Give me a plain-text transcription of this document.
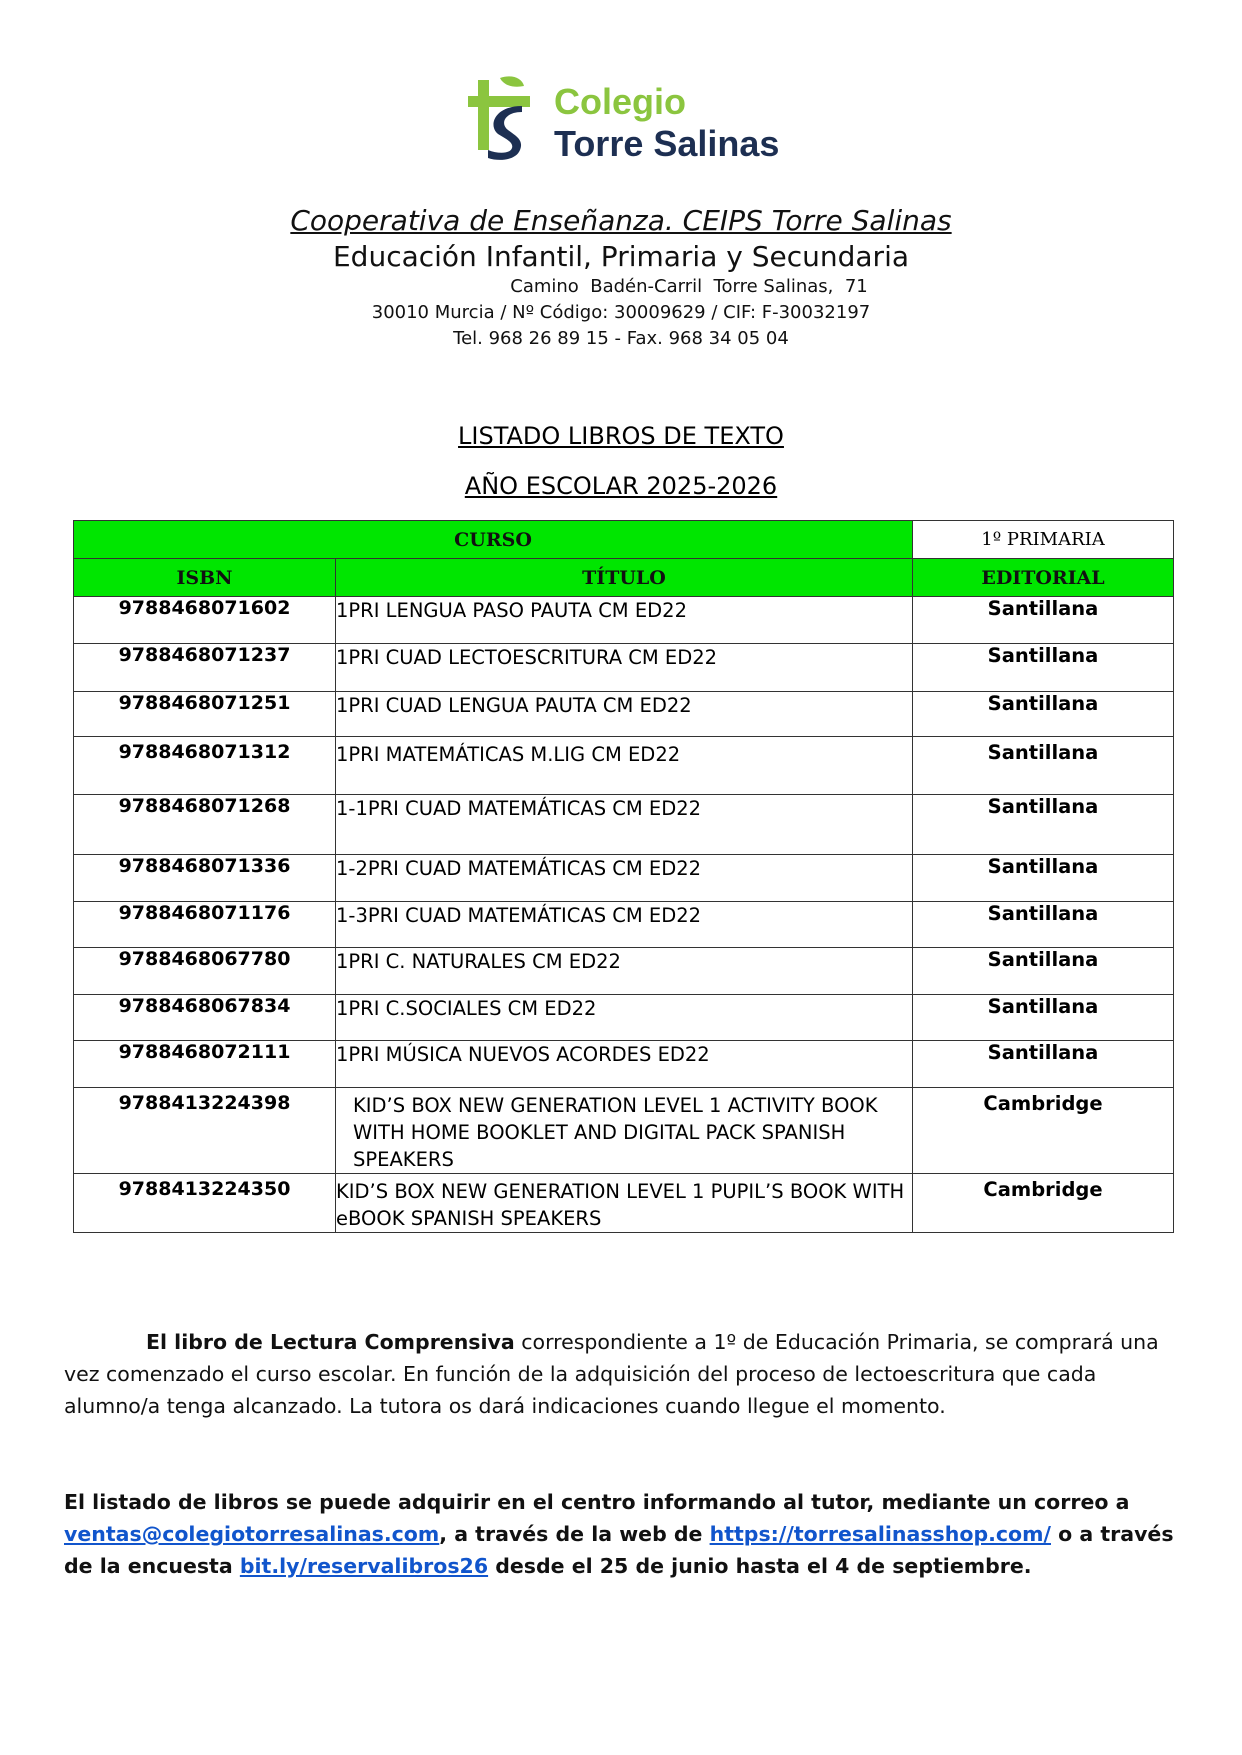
Colegio
Torre Salinas
Cooperativa de Enseñanza. CEIPS Torre Salinas
Educación Infantil, Primaria y Secundaria
Camino  Badén-Carril  Torre Salinas,  71
30010 Murcia / Nº Código: 30009629 / CIF: F-30032197
Tel. 968 26 89 15 - Fax. 968 34 05 04
LISTADO LIBROS DE TEXTO
AÑO ESCOLAR 2025-2026
CURSO		1º PRIMARIA
ISBN	TÍTULO	EDITORIAL
9788468071602	1PRI LENGUA PASO PAUTA CM ED22	Santillana
9788468071237	1PRI CUAD LECTOESCRITURA CM ED22	Santillana
9788468071251	1PRI CUAD LENGUA PAUTA CM ED22	Santillana
9788468071312	1PRI MATEMÁTICAS M.LIG CM ED22	Santillana
9788468071268	1-1PRI CUAD MATEMÁTICAS CM ED22	Santillana
9788468071336	1-2PRI CUAD MATEMÁTICAS CM ED22	Santillana
9788468071176	1-3PRI CUAD MATEMÁTICAS CM ED22	Santillana
9788468067780	1PRI C. NATURALES CM ED22	Santillana
9788468067834	1PRI C.SOCIALES CM ED22	Santillana
9788468072111	1PRI MÚSICA NUEVOS ACORDES ED22	Santillana
9788413224398	KID’S BOX NEW GENERATION LEVEL 1 ACTIVITY BOOK WITH HOME BOOKLET AND DIGITAL PACK SPANISH SPEAKERS	Cambridge
9788413224350	KID’S BOX NEW GENERATION LEVEL 1 PUPIL’S BOOK WITH eBOOK SPANISH SPEAKERS	Cambridge
El libro de Lectura Comprensiva correspondiente a 1º de Educación Primaria, se comprará una vez comenzado el curso escolar. En función de la adquisición del proceso de lectoescritura que cada alumno/a tenga alcanzado. La tutora os dará indicaciones cuando llegue el momento.
El listado de libros se puede adquirir en el centro informando al tutor, mediante un correo a ventas@colegiotorresalinas.com, a través de la web de https://torresalinasshop.com/ o a través de la encuesta bit.ly/reservalibros26 desde el 25 de junio hasta el 4 de septiembre.
